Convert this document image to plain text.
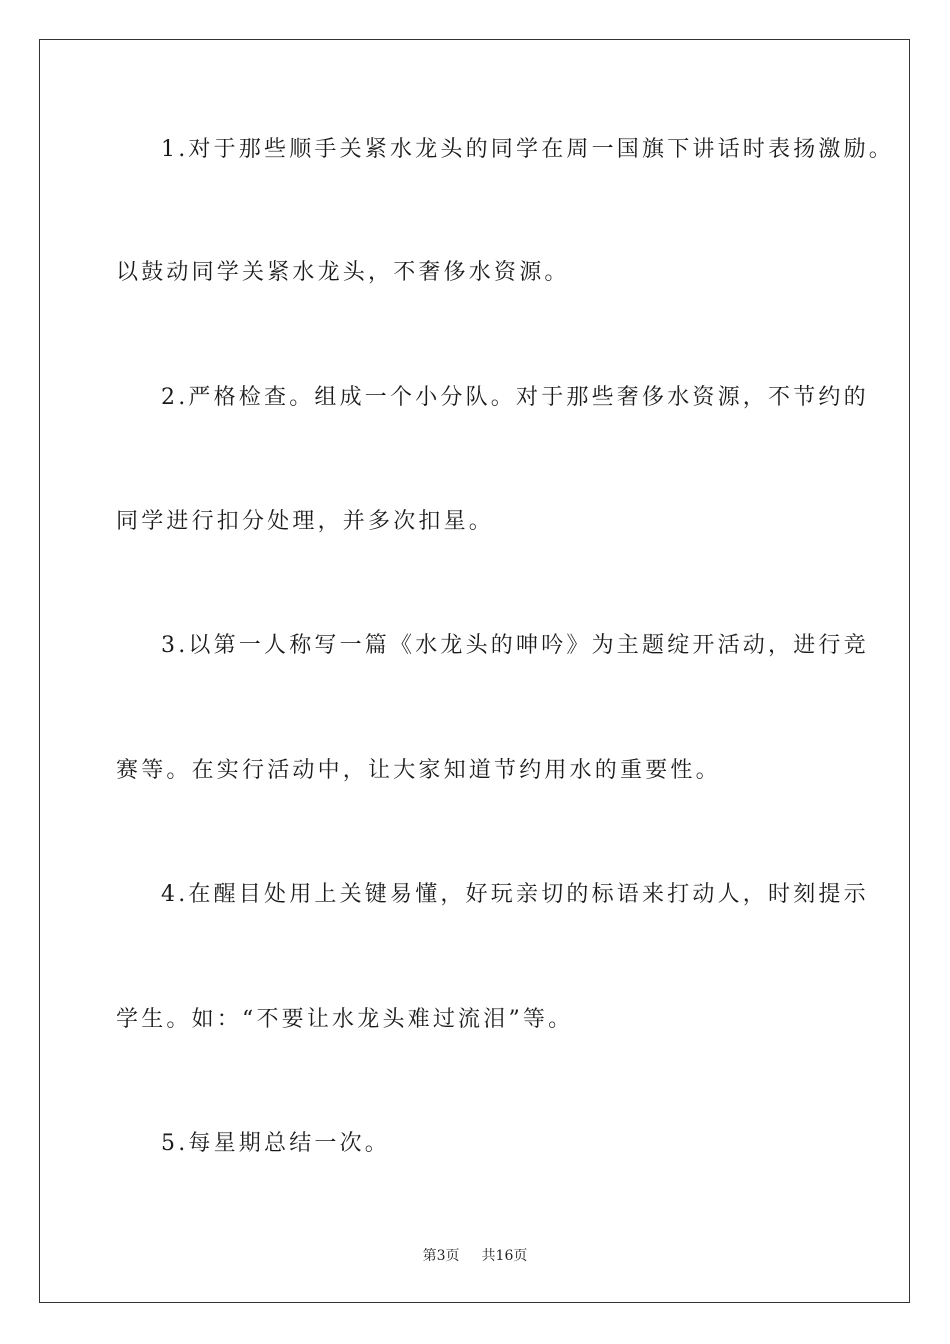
1.对于那些顺手关紧水龙头的同学在周一国旗下讲话时表扬激励。
以鼓动同学关紧水龙头，不奢侈水资源。
2.严格检查。组成一个小分队。对于那些奢侈水资源，不节约的
同学进行扣分处理，并多次扣星。
3.以第一人称写一篇《水龙头的呻吟》为主题绽开活动，进行竞
赛等。在实行活动中，让大家知道节约用水的重要性。
4.在醒目处用上关键易懂，好玩亲切的标语来打动人，时刻提示
学生。如：“不要让水龙头难过流泪”等。
5.每星期总结一次。
第3页 共16页
